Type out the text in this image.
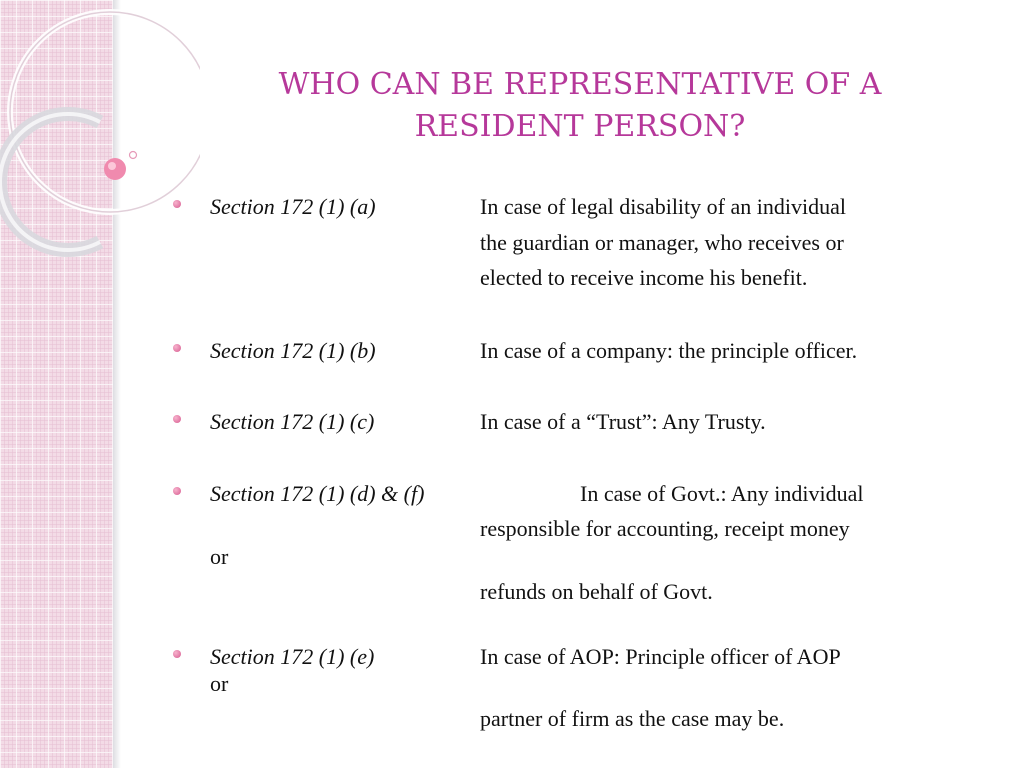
WHO CAN BE REPRESENTATIVE OF A
RESIDENT PERSON?
Section 172 (1) (a)	In case of legal disability of an individual
the guardian or manager, who receives or
elected to receive income his benefit.
Section 172 (1) (b)	In case of a company: the principle officer.
Section 172 (1) (c)	In case of a “Trust”: Any Trusty.
Section 172 (1) (d) & (f)	In case of Govt.: Any individual
responsible for accounting, receipt money
or
refunds on behalf of Govt.
Section 172 (1) (e)	In case of AOP: Principle officer of AOP
or
partner of firm as the case may be.
